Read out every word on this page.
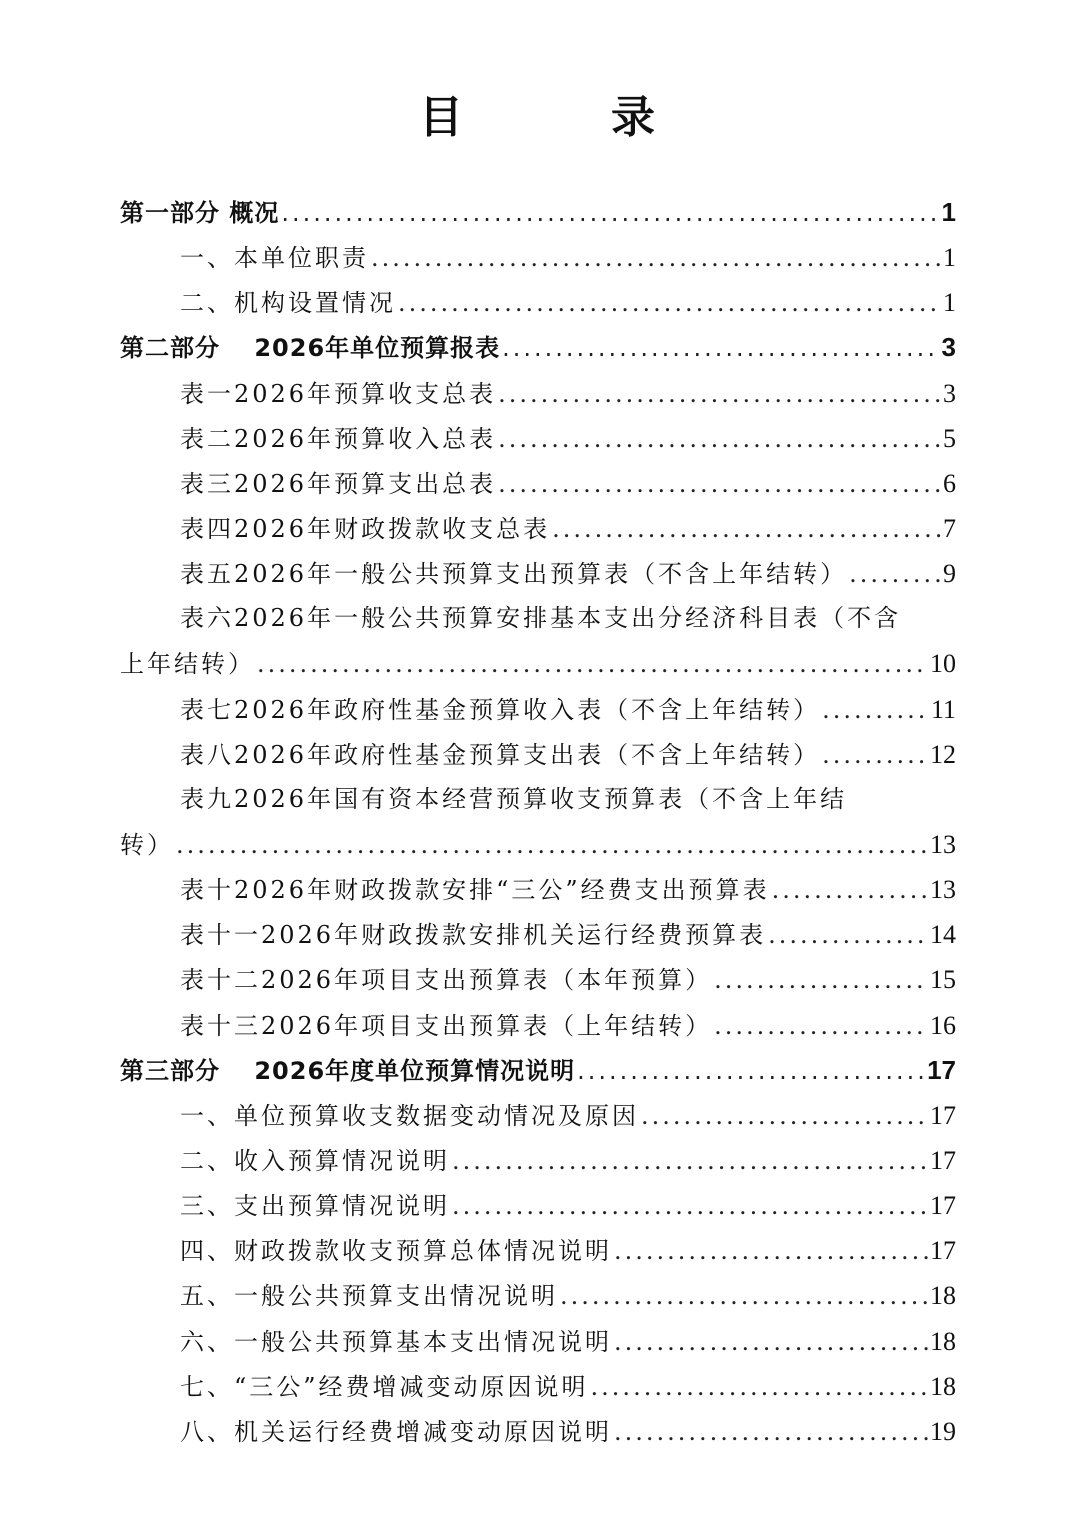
目　录
第一部分 概况 .....	1
一、本单位职责 .....	1
二、机构设置情况 .....	1
第二部分　 2026年单位预算报表 .....	3
表一2026年预算收支总表 .....	3
表二2026年预算收入总表 .....	5
表三2026年预算支出总表 .....	6
表四2026年财政拨款收支总表 .....	7
表五2026年一般公共预算支出预算表（不含上年结转） .....	9
表六2026年一般公共预算安排基本支出分经济科目表（不含
上年结转） .....	10
表七2026年政府性基金预算收入表（不含上年结转） .....	11
表八2026年政府性基金预算支出表（不含上年结转） .....	12
表九2026年国有资本经营预算收支预算表（不含上年结
转） .....	13
表十2026年财政拨款安排“三公”经费支出预算表 .....	13
表十一2026年财政拨款安排机关运行经费预算表 .....	14
表十二2026年项目支出预算表（本年预算） .....	15
表十三2026年项目支出预算表（上年结转） .....	16
第三部分　 2026年度单位预算情况说明 .....	17
一、单位预算收支数据变动情况及原因 .....	17
二、收入预算情况说明 .....	17
三、支出预算情况说明 .....	17
四、财政拨款收支预算总体情况说明 .....	17
五、一般公共预算支出情况说明 .....	18
六、一般公共预算基本支出情况说明 .....	18
七、“三公”经费增减变动原因说明 .....	18
八、机关运行经费增减变动原因说明 .....	19
